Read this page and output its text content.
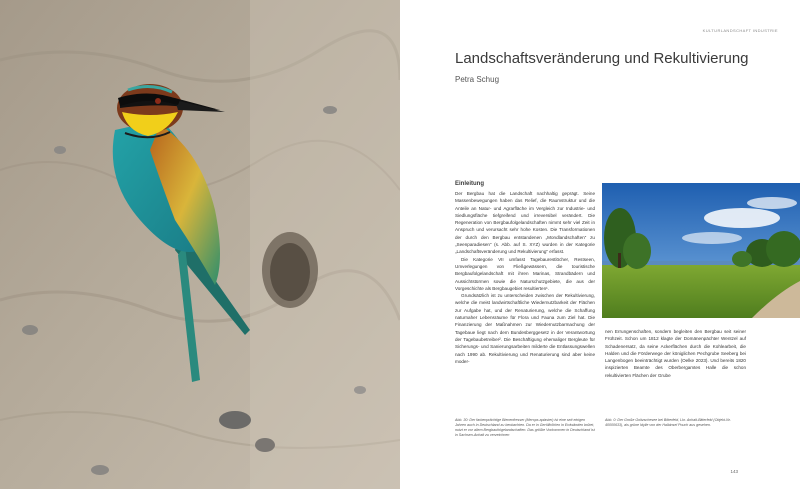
KULTURLANDSCHAFT INDUSTRIE
Landschaftsveränderung und Rekultivierung
Petra Schug
Einleitung

Der Bergbau hat die Landschaft nachhaltig geprägt. Seine Massenbewegungen haben das Relief, die Raumstruktur und die Anteile an Natur- und Agrarfläche im Vergleich zur Industrie- und Siedlungsfläche tiefgreifend und irreversibel verändert. Die Regeneration von Bergbaufolgelandschaften nimmt sehr viel Zeit in Anspruch und verursacht sehr hohe Kosten. Die Transformationen der durch den Bergbau entstandenen „Mondlandschaften“ zu „Seenparadiesen“ (s. Abb. auf S. XYZ) wurden in der Kategorie „Landschaftsveränderung und Rekultivierung“ erfasst.

Die Kategorie VII umfasst Tagebaurestlöcher, Restseen, Umverlegungen von Fließgewässern, die touristische Bergbaufolgelandschaft mit ihren Marinas, Strandbädern und Aussichtstürmen sowie die Naturschutzgebiete, die aus der Vorgeschichte als Bergbaugebiet resultierten¹.

Grundsätzlich ist zu unterscheiden zwischen der Rekultivierung, welche die meist landwirtschaftliche Wiedernutzbarkeit der Flächen zur Aufgabe hat, und der Renaturierung, welche die Schaffung naturnaher Lebensräume für Flora und Fauna zum Ziel hat. Die Finanzierung der Maßnahmen zur Wiedernutzbarmachung der Tagebaue liegt nach dem Bundesberggesetz in der Verantwortung der Tagebaubetreiber². Die Beschäftigung ehemaliger Bergleute für Sicherungs- und Sanierungsarbeiten milderte die Entlassungswellen nach 1990 ab. Rekultivierung und Renaturierung sind aber keine moder-

nen Errungenschaften, sondern begleiten den Bergbau seit seiner Frühzeit. Schon um 1812 klagte der Domänenpächter Wentzel auf Schadenersatz, da seine Ackerflächen durch die Kohlearbeit, die Halden und die Förderwege der königlichen Pechgrube Seeberg bei Langenbogen beeinträchtigt wurden (Oelke 2023). Und bereits 1820 inspizierten Beamte des Oberbergamtes Halle die schon rekultivierten Flächen der Grube
Abb. 30: Der farbenprächtige Bienenfresser (Merops apiaster) ist eine seit einigen Jahren auch in Deutschland zu beobachten. Da er in Geröllhöhlen in Erdwänden brütet, nutzt er vor allem Bergbaufolgelandschaften. Das größte Vorkommen in Deutschland ist in Sachsen-Anhalt zu verzeichnen
Abb. 0: Der Große Goitzschesee bei Bitterfeld, Lkr. Anhalt-Bitterfeld (Objekt-Nr. 40000633), als grüne Idylle von der Halbinsel Pouch aus gesehen.
143
